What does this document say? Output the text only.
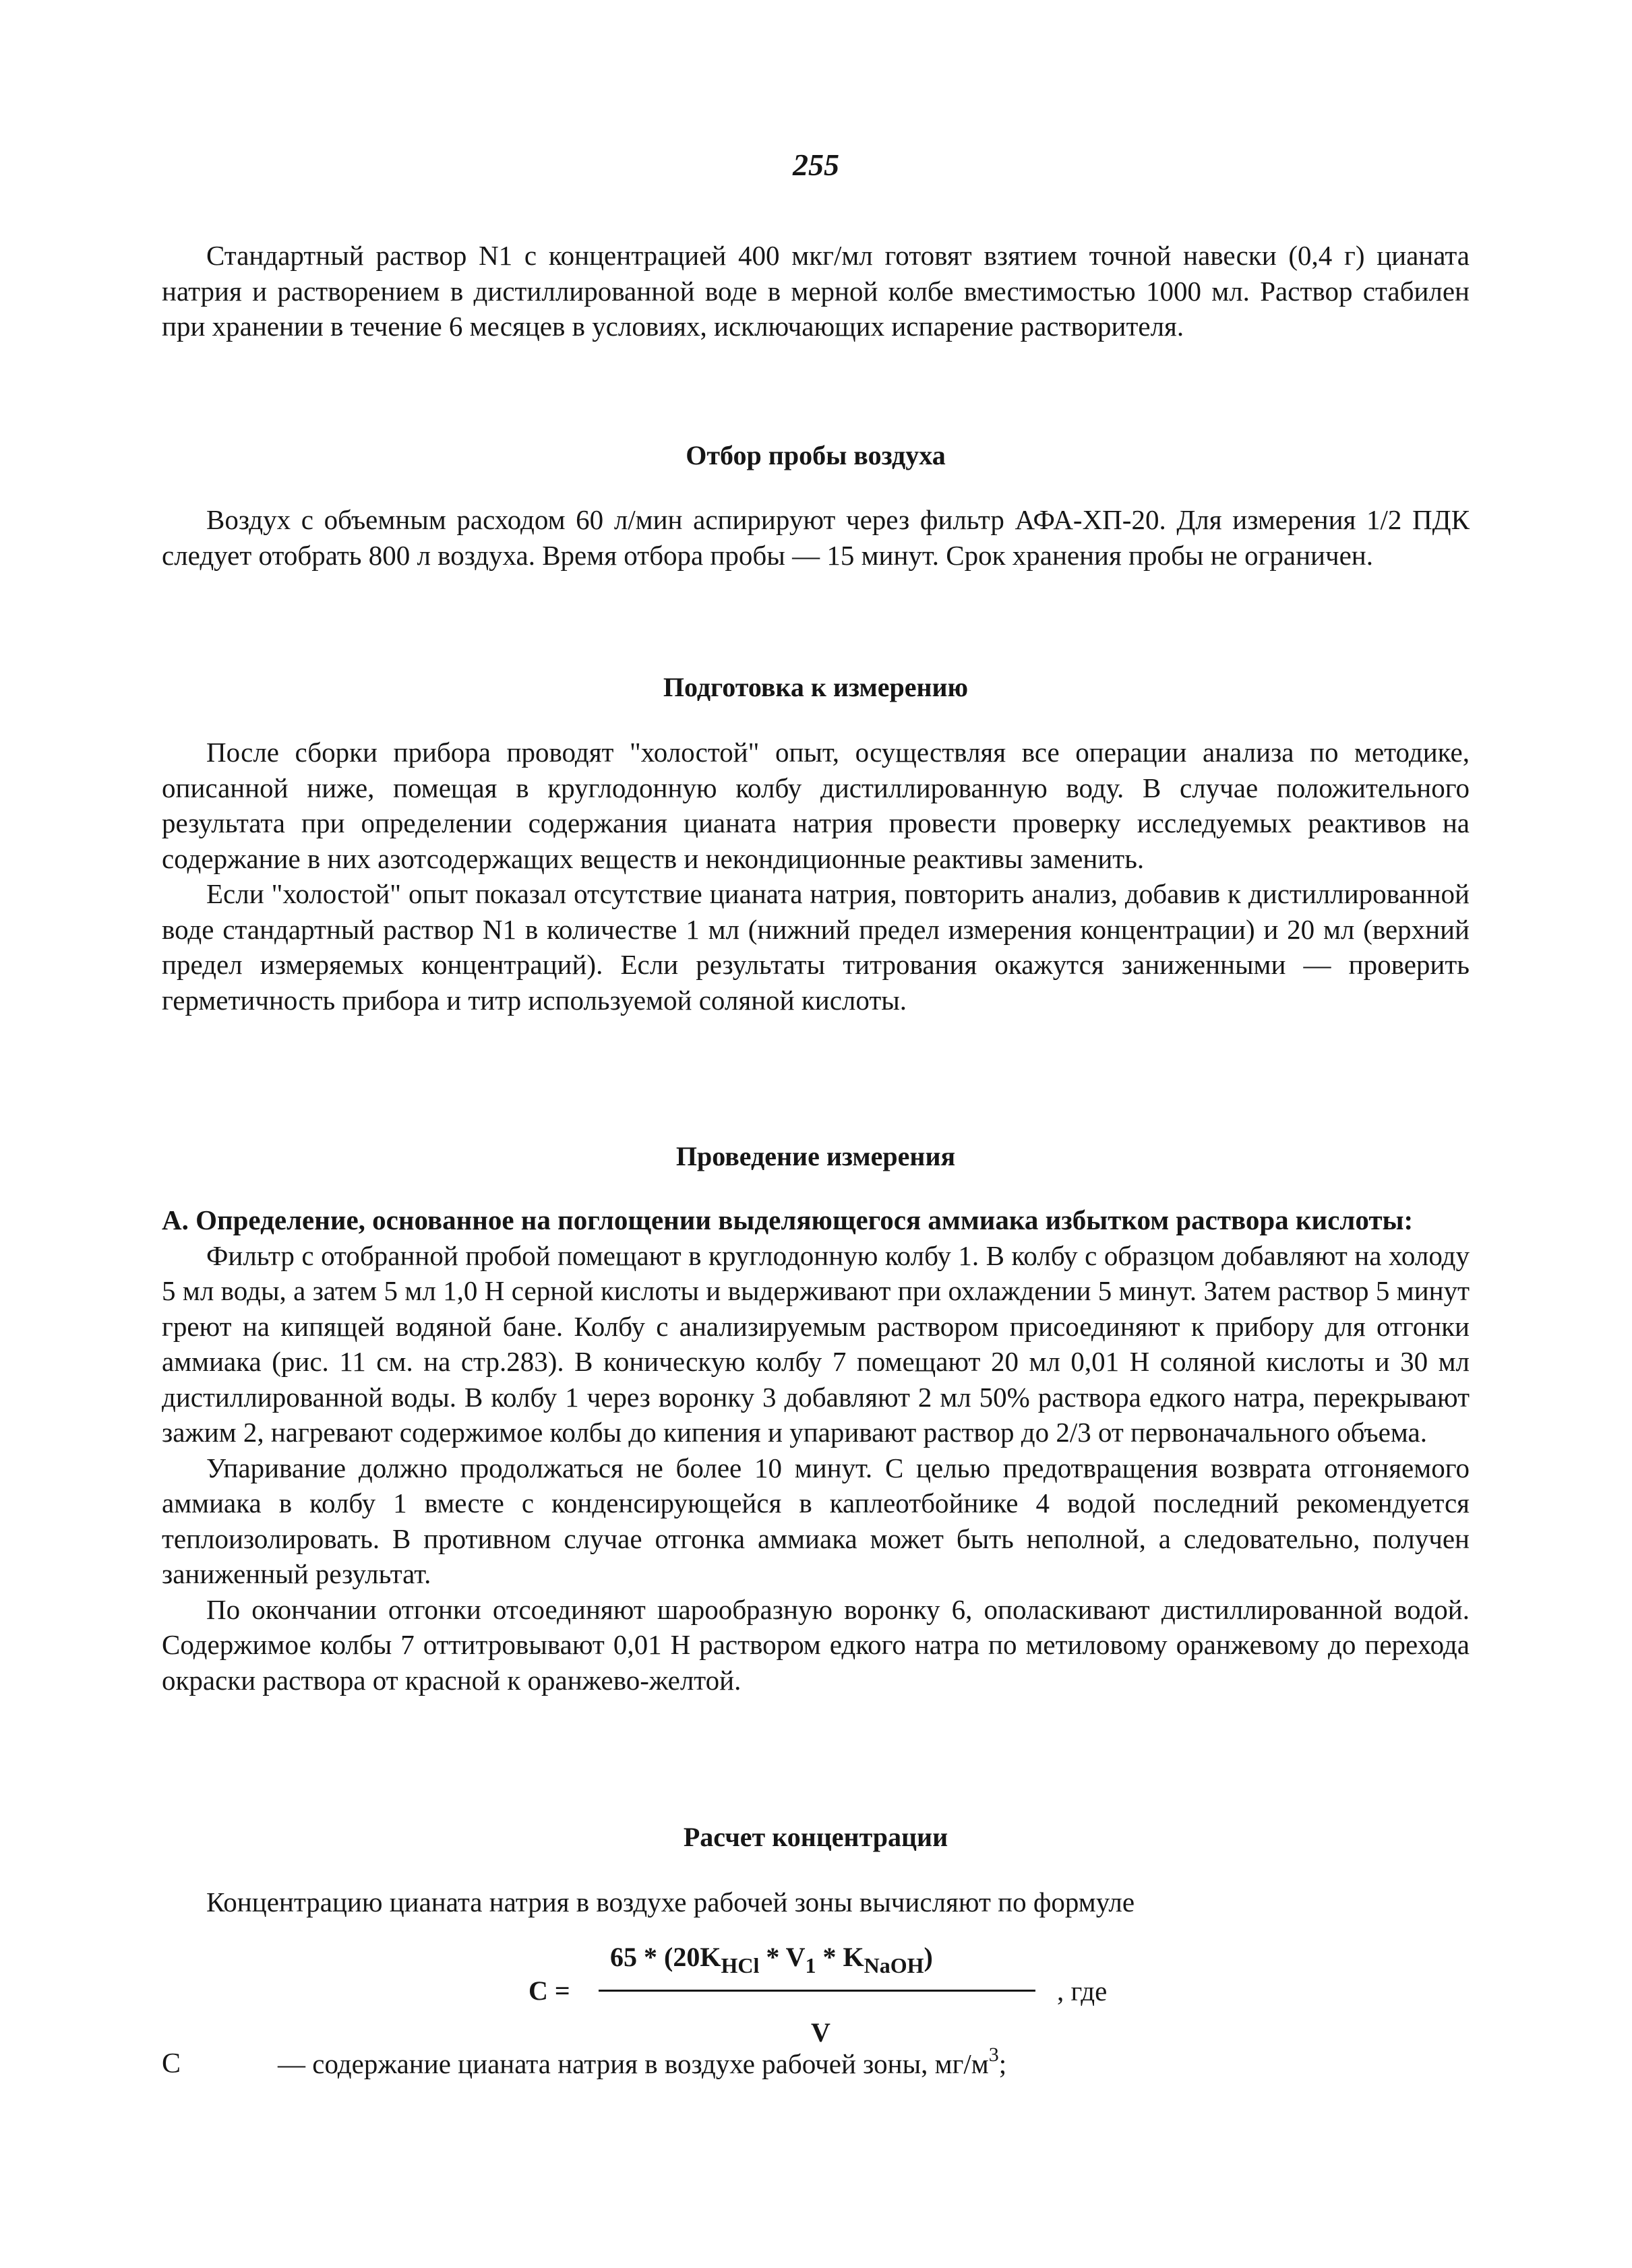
255

Стандартный раствор N1 с концентрацией 400 мкг/мл готовят взятием точной навески (0,4 г) цианата натрия и растворением в дистиллированной воде в мерной колбе вместимостью 1000 мл. Раствор стабилен при хранении в течение 6 месяцев в условиях, исключающих испарение растворителя.

Отбор пробы воздуха

Воздух с объемным расходом 60 л/мин аспирируют через фильтр АФА-ХП-20. Для измерения 1/2 ПДК следует отобрать 800 л воздуха. Время отбора пробы — 15 минут. Срок хранения пробы не ограничен.

Подготовка к измерению

После сборки прибора проводят "холостой" опыт, осуществляя все операции анализа по методике, описанной ниже, помещая в круглодонную колбу дистиллированную воду. В случае положительного результата при определении содержания цианата натрия провести проверку исследуемых реактивов на содержание в них азотсодержащих веществ и некондиционные реактивы заменить.

Если "холостой" опыт показал отсутствие цианата натрия, повторить анализ, добавив к дистиллированной воде стандартный раствор N1 в количестве 1 мл (нижний предел измерения концентрации) и 20 мл (верхний предел измеряемых концентраций). Если результаты титрования окажутся заниженными — проверить герметичность прибора и титр используемой соляной кислоты.

Проведение измерения

А. Определение, основанное на поглощении выделяющегося аммиака избытком раствора кислоты:

Фильтр с отобранной пробой помещают в круглодонную колбу 1. В колбу с образцом добавляют на холоду 5 мл воды, а затем 5 мл 1,0 Н серной кислоты и выдерживают при охлаждении 5 минут. Затем раствор 5 минут греют на кипящей водяной бане. Колбу с анализируемым раствором присоединяют к прибору для отгонки аммиака (рис. 11 см. на стр.283). В коническую колбу 7 помещают 20 мл 0,01 Н соляной кислоты и 30 мл дистиллированной воды. В колбу 1 через воронку 3 добавляют 2 мл 50% раствора едкого натра, перекрывают зажим 2, нагревают содержимое колбы до кипения и упаривают раствор до 2/3 от первоначального объема.

Упаривание должно продолжаться не более 10 минут. С целью предотвращения возврата отгоняемого аммиака в колбу 1 вместе с конденсирующейся в каплеотбойнике 4 водой последний рекомендуется теплоизолировать. В противном случае отгонка аммиака может быть неполной, а следовательно, получен заниженный результат.

По окончании отгонки отсоединяют шарообразную воронку 6, ополаскивают дистиллированной водой. Содержимое колбы 7 оттитровывают 0,01 Н раствором едкого натра по метиловому оранжевому до перехода окраски раствора от красной к оранжево-желтой.

Расчет концентрации

Концентрацию цианата натрия в воздухе рабочей зоны вычисляют по формуле

С =
$65 * (20K_{HCl} * V_1 * K_{NaOH})$
V
, где
С	— содержание цианата натрия в воздухе рабочей зоны, $мг/м^3$;
